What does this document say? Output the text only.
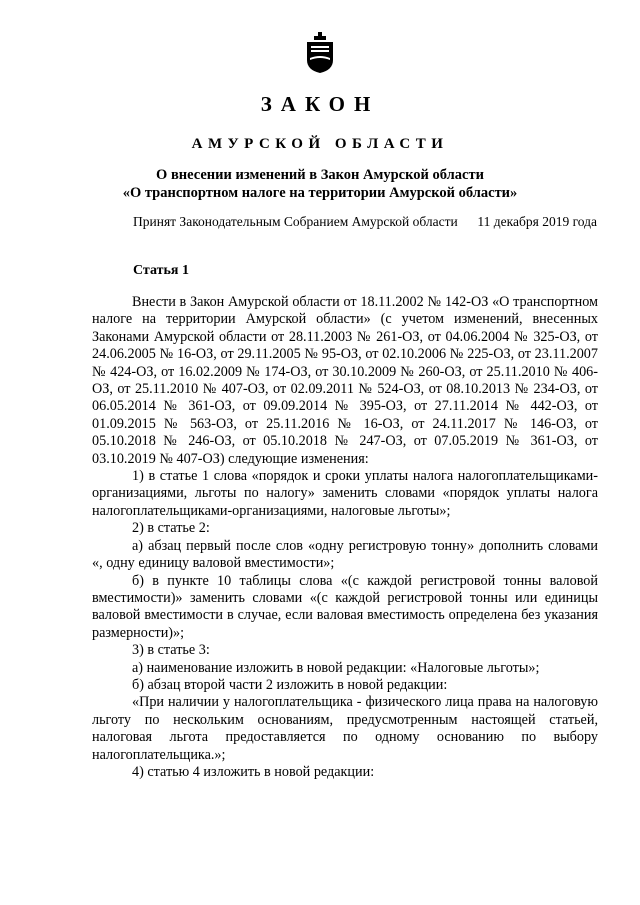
ЗАКОН
АМУРСКОЙ ОБЛАСТИ
О внесении изменений в Закон Амурской области
«О транспортном налоге на территории Амурской области»
Принят Законодательным Собранием Амурской области 11 декабря 2019 года
Статья 1

Внести в Закон Амурской области от 18.11.2002 № 142-ОЗ «О транспортном налоге на территории Амурской области» (с учетом изменений, внесенных Законами Амурской области от 28.11.2003 № 261-ОЗ, от 04.06.2004 № 325-ОЗ, от 24.06.2005 № 16-ОЗ, от 29.11.2005 № 95-ОЗ, от 02.10.2006 № 225-ОЗ, от 23.11.2007 № 424-ОЗ, от 16.02.2009 № 174-ОЗ, от 30.10.2009 № 260-ОЗ, от 25.11.2010 № 406-ОЗ, от 25.11.2010 № 407-ОЗ, от 02.09.2011 № 524-ОЗ, от 08.10.2013 № 234-ОЗ, от 06.05.2014 № 361-ОЗ, от 09.09.2014 № 395-ОЗ, от 27.11.2014 № 442-ОЗ, от 01.09.2015 № 563-ОЗ, от 25.11.2016 № 16-ОЗ, от 24.11.2017 № 146-ОЗ, от 05.10.2018 № 246-ОЗ, от 05.10.2018 № 247-ОЗ, от 07.05.2019 № 361-ОЗ, от 03.10.2019 № 407-ОЗ) следующие изменения:

1) в статье 1 слова «порядок и сроки уплаты налога налогоплательщиками-организациями, льготы по налогу» заменить словами «порядок уплаты налога налогоплательщиками-организациями, налоговые льготы»;

2) в статье 2:

а) абзац первый после слов «одну регистровую тонну» дополнить словами «, одну единицу валовой вместимости»;

б) в пункте 10 таблицы слова «(с каждой регистровой тонны валовой вместимости)» заменить словами «(с каждой регистровой тонны или единицы валовой вместимости в случае, если валовая вместимость определена без указания размерности)»;

3) в статье 3:

а) наименование изложить в новой редакции: «Налоговые льготы»;

б) абзац второй части 2 изложить в новой редакции:

«При наличии у налогоплательщика - физического лица права на налоговую льготу по нескольким основаниям, предусмотренным настоящей статьей, налоговая льгота предоставляется по одному основанию по выбору налогоплательщика.»;

4) статью 4 изложить в новой редакции:
